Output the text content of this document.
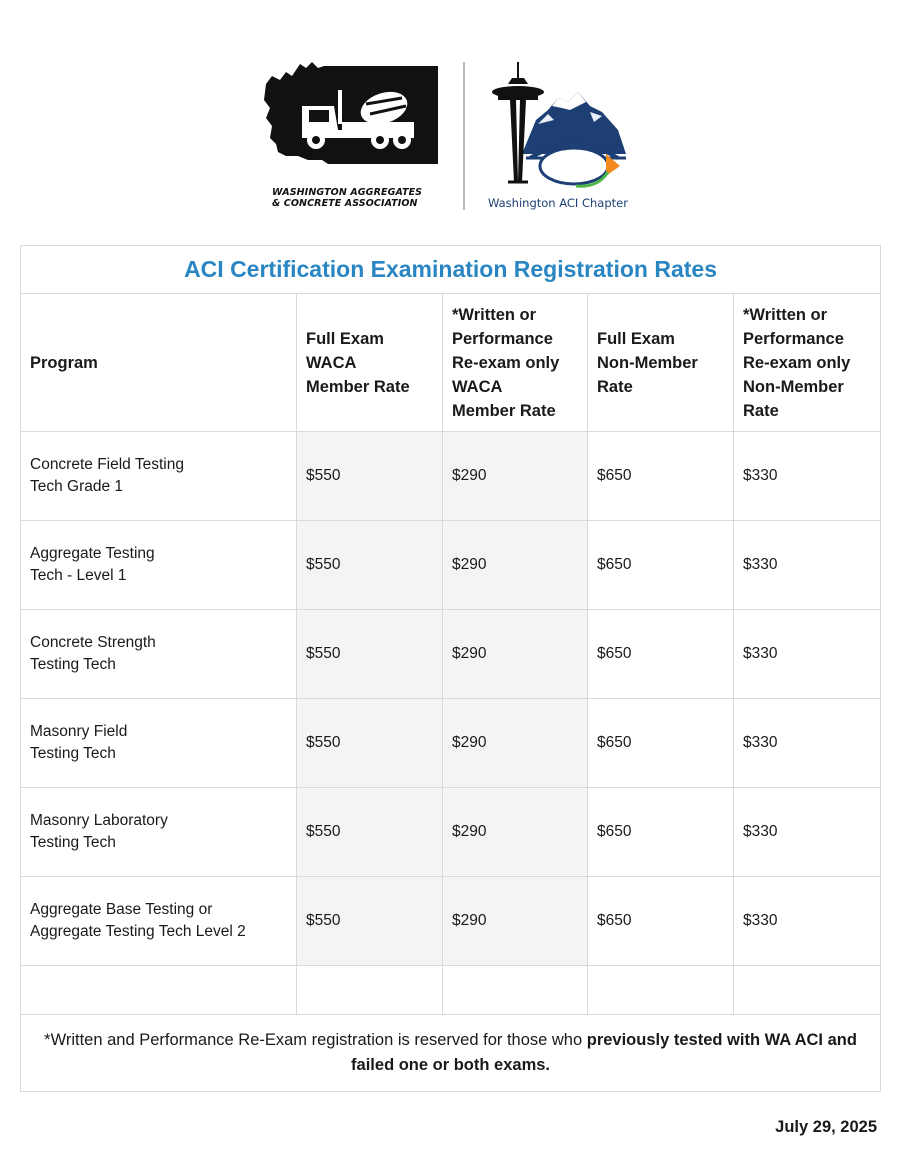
WASHINGTON AGGREGATES
& CONCRETE ASSOCIATION	Washington ACI Chapter
ACI Certification Examination Registration Rates				
Program	Full Exam
WACA
Member Rate	*Written or
Performance
Re-exam only
WACA
Member Rate	Full Exam
Non-Member
Rate	*Written or
Performance
Re-exam only
Non-Member
Rate
Concrete Field Testing
Tech Grade 1	$550	$290	$650	$330
Aggregate Testing
Tech - Level 1	$550	$290	$650	$330
Concrete Strength
Testing Tech	$550	$290	$650	$330
Masonry Field
Testing Tech	$550	$290	$650	$330
Masonry Laboratory
Testing Tech	$550	$290	$650	$330
Aggregate Base Testing or
Aggregate Testing Tech Level 2	$550	$290	$650	$330

*Written and Performance Re-Exam registration is reserved for those who previously tested with WA ACI and failed one or both exams.				
July 29, 2025
